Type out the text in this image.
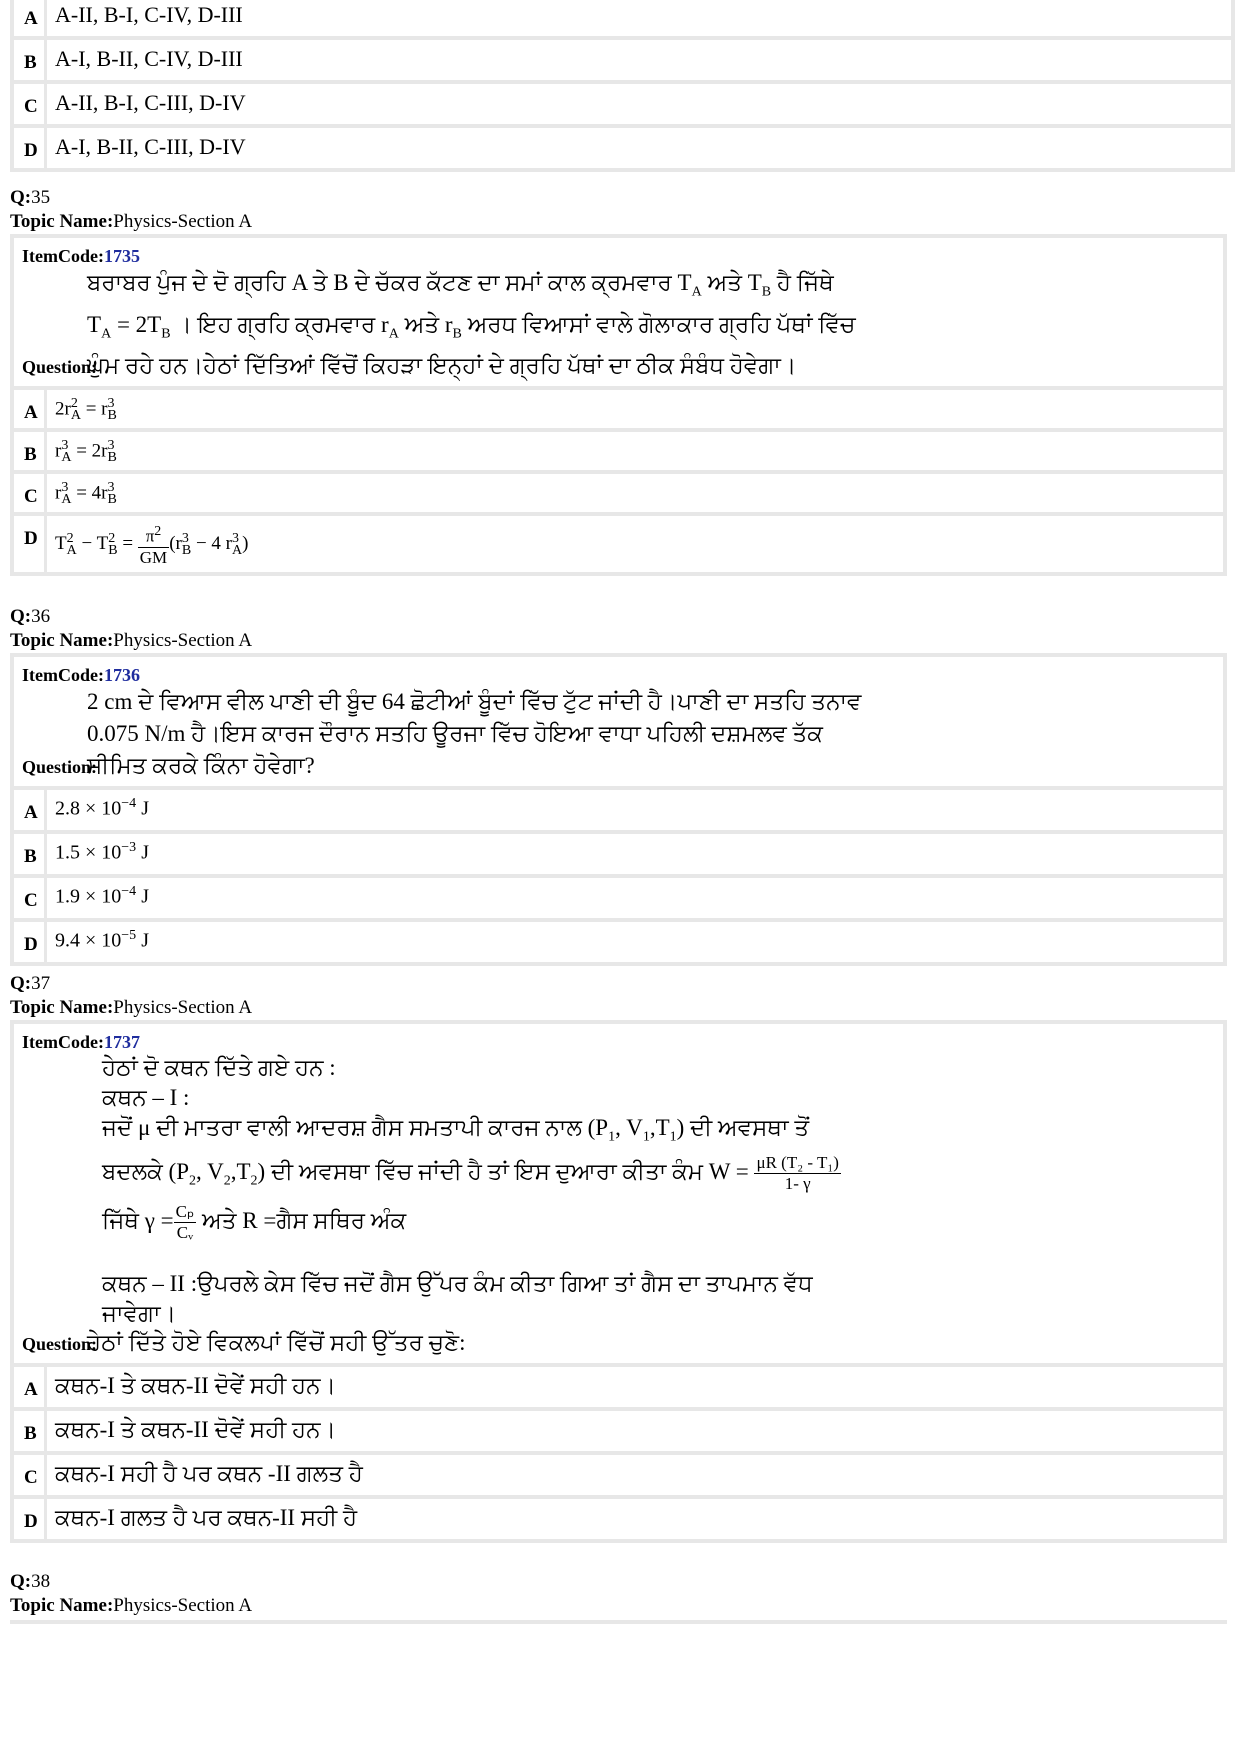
A A-II, B-I, C-IV, D-III
B A-I, B-II, C-IV, D-III
C A-II, B-I, C-III, D-IV
D A-I, B-II, C-III, D-IV
Q:35
Topic Name:Physics-Section A
ItemCode:1735
Question:
ਬਰਾਬਰ ਪੁੰਜ ਦੇ ਦੋ ਗ੍ਰਹਿ A ਤੇ B ਦੇ ਚੱਕਰ ਕੱਟਣ ਦਾ ਸਮਾਂ ਕਾਲ ਕ੍ਰਮਵਾਰ $T_A$ ਅਤੇ $T_B$ ਹੈ ਜਿੱਥੇ
$T_A = 2T_B$ । ਇਹ ਗ੍ਰਹਿ ਕ੍ਰਮਵਾਰ $r_A$ ਅਤੇ $r_B$ ਅਰਧ ਵਿਆਸਾਂ ਵਾਲੇ ਗੋਲਾਕਾਰ ਗ੍ਰਹਿ ਪੱਥਾਂ ਵਿੱਚ
ਘੁੰਮ ਰਹੇ ਹਨ।ਹੇਠਾਂ ਦਿੱਤਿਆਂ ਵਿੱਚੋਂ ਕਿਹੜਾ ਇਨ੍ਹਾਂ ਦੇ ਗ੍ਰਹਿ ਪੱਥਾਂ ਦਾ ਠੀਕ ਸੰਬੰਧ ਹੋਵੇਗਾ।
A $2r^2_A = r^3_B$
B $r^3_A = 2r^3_B$
C $r^3_A = 4r^3_B$
D $T^2_A - T^2_B = \frac{\pi^2}{GM} (r^3_B - 4$ $r^3_A$)
Q:36
Topic Name:Physics-Section A
ItemCode:1736
Question:
2 cm ਦੇ ਵਿਆਸ ਵੀਲ ਪਾਣੀ ਦੀ ਬੂੰਦ 64 ਛੋਟੀਆਂ ਬੂੰਦਾਂ ਵਿੱਚ ਟੁੱਟ ਜਾਂਦੀ ਹੈ।ਪਾਣੀ ਦਾ ਸਤਹਿ ਤਨਾਵ
0.075 N/m ਹੈ।ਇਸ ਕਾਰਜ ਦੌਰਾਨ ਸਤਹਿ ਊਰਜਾ ਵਿੱਚ ਹੋਇਆ ਵਾਧਾ ਪਹਿਲੀ ਦਸ਼ਮਲਵ ਤੱਕ
ਸੀਮਿਤ ਕਰਕੇ ਕਿੰਨਾ ਹੋਵੇਗਾ?
A $2.8 \times 10^{-4}$ J
B $1.5 \times 10^{-3}$ J
C $1.9 \times 10^{-4}$ J
D $9.4 \times 10^{-5}$ J
Q:37
Topic Name:Physics-Section A
ItemCode:1737
ਹੇਠਾਂ ਦੋ ਕਥਨ ਦਿੱਤੇ ਗਏ ਹਨ :
ਕਥਨ – I :
ਜਦੋਂ μ ਦੀ ਮਾਤਰਾ ਵਾਲੀ ਆਦਰਸ਼ ਗੈਸ ਸਮਤਾਪੀ ਕਾਰਜ ਨਾਲ ($P_1$, $V_1,T_1$) ਦੀ ਅਵਸਥਾ ਤੋਂ
ਬਦਲਕੇ ($P_2$, $V_2,T_2$) ਦੀ ਅਵਸਥਾ ਵਿੱਚ ਜਾਂਦੀ ਹੈ ਤਾਂ ਇਸ ਦੁਆਰਾ ਕੀਤਾ ਕੰਮ $W = \frac{\text{μR (T₂ - T₁)}}{1- \gamma}$
ਜਿੱਥੇ $\gamma = \frac{\text{Cₚ}}{\text{Cᵥ}}$ ਅਤੇ R =ਗੈਸ ਸਥਿਰ ਅੰਕ
ਕਥਨ – II :ਉਪਰਲੇ ਕੇਸ ਵਿੱਚ ਜਦੋਂ ਗੈਸ ਉੱਪਰ ਕੰਮ ਕੀਤਾ ਗਿਆ ਤਾਂ ਗੈਸ ਦਾ ਤਾਪਮਾਨ ਵੱਧ
ਜਾਵੇਗਾ।
Question:
ਹੇਠਾਂ ਦਿੱਤੇ ਹੋਏ ਵਿਕਲਪਾਂ ਵਿੱਚੋਂ ਸਹੀ ਉੱਤਰ ਚੁਣੋ:
A ਕਥਨ-I ਤੇ ਕਥਨ-II ਦੋਵੇਂ ਸਹੀ ਹਨ।
B ਕਥਨ-I ਤੇ ਕਥਨ-II ਦੋਵੇਂ ਸਹੀ ਹਨ।
C ਕਥਨ-I ਸਹੀ ਹੈ ਪਰ ਕਥਨ -II ਗਲਤ ਹੈ
D ਕਥਨ-I ਗਲਤ ਹੈ ਪਰ ਕਥਨ-II ਸਹੀ ਹੈ
Q:38
Topic Name:Physics-Section A
